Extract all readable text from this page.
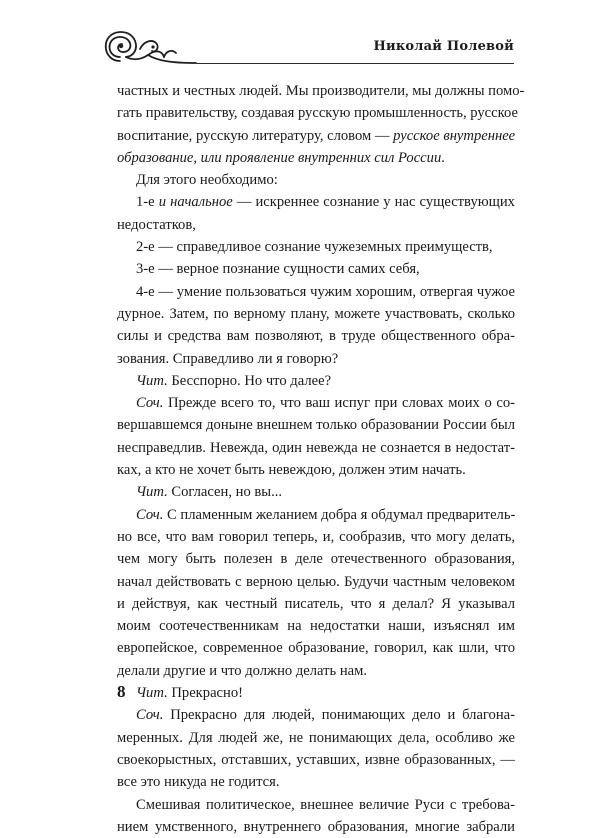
Николай Полевой
частных и честных людей. Мы производители, мы должны помо-
гать правительству, создавая русскую промышленность, русское
воспитание, русскую литературу, словом — русское внутреннее
образование, или проявление внутренних сил России.
Для этого необходимо:
1-е и начальное — искреннее сознание у нас существующих
недостатков,
2-е — справедливое сознание чужеземных преимуществ,
3-е — верное познание сущности самих себя,
4-е — умение пользоваться чужим хорошим, отвергая чужое
дурное. Затем, по верному плану, можете участвовать, сколько
силы и средства вам позволяют, в труде общественного обра-
зования. Справедливо ли я говорю?
Чит. Бесспорно. Но что далее?
Соч. Прежде всего то, что ваш испуг при словах моих о со-
вершавшемся доныне внешнем только образовании России был
несправедлив. Невежда, один невежда не сознается в недостат-
ках, а кто не хочет быть невеждою, должен этим начать.
Чит. Согласен, но вы...
Соч. С пламенным желанием добра я обдумал предваритель-
но все, что вам говорил теперь, и, сообразив, что могу делать,
чем могу быть полезен в деле отечественного образования,
начал действовать с верною целью. Будучи частным человеком
и действуя, как честный писатель, что я делал? Я указывал
моим соотечественникам на недостатки наши, изъяснял им
европейское, современное образование, говорил, как шли, что
делали другие и что должно делать нам.
Чит. Прекрасно!
Соч. Прекрасно для людей, понимающих дело и благона-
меренных. Для людей же, не понимающих дела, особливо же
своекорыстных, отставших, уставших, извне образованных, —
все это никуда не годится.
Смешивая политическое, внешнее величие Руси с требова-
нием умственного, внутреннего образования, многие забрали
8
